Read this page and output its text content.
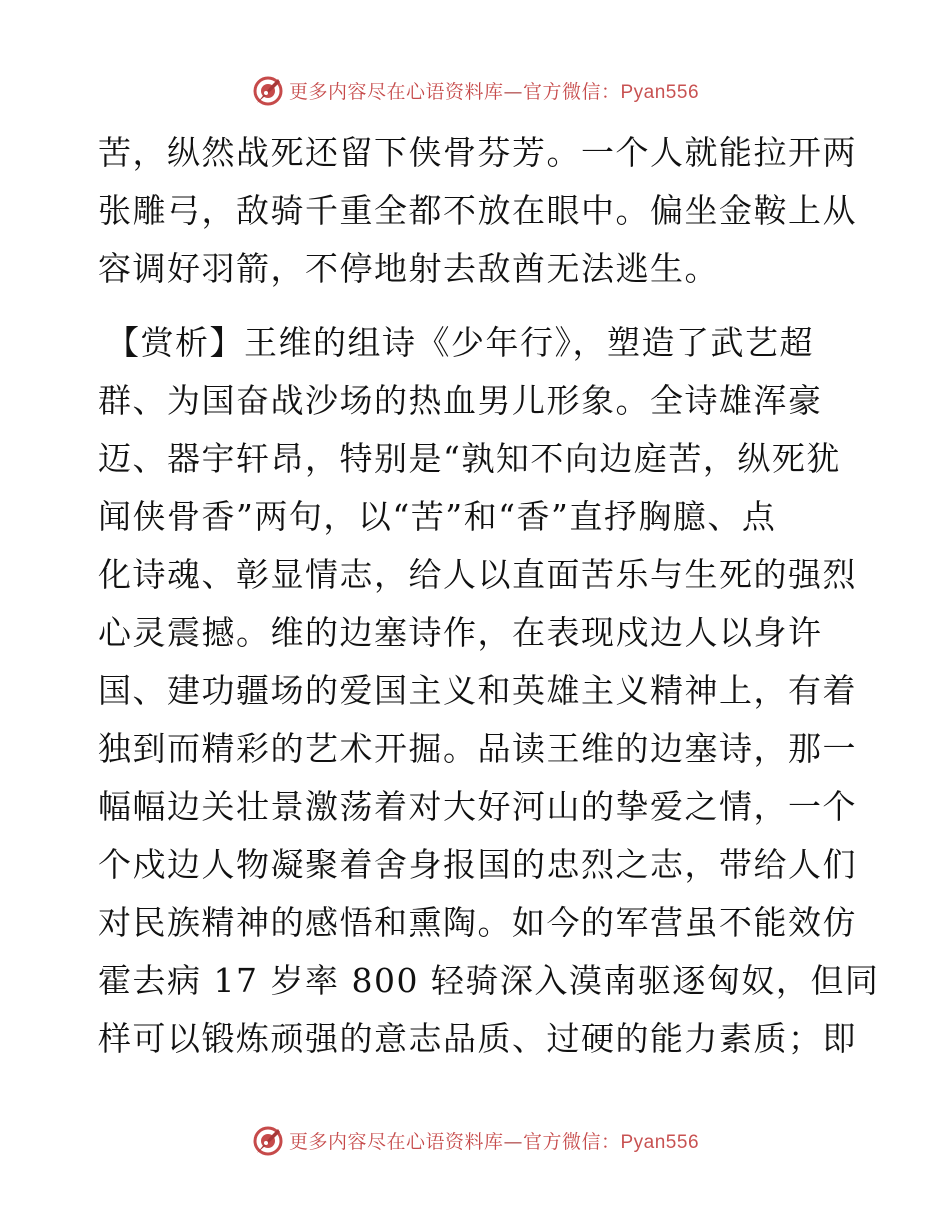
更多内容尽在心语资料库—官方微信：Pyan556
苦，纵然战死还留下侠骨芬芳。一个人就能拉开两
张雕弓，敌骑千重全都不放在眼中。偏坐金鞍上从
容调好羽箭，不停地射去敌酋无法逃生。
【赏析】王维的组诗《少年行》，塑造了武艺超
群、为国奋战沙场的热血男儿形象。全诗雄浑豪
迈、器宇轩昂，特别是“孰知不向边庭苦，纵死犹
闻侠骨香”两句，以“苦”和“香”直抒胸臆、点
化诗魂、彰显情志，给人以直面苦乐与生死的强烈
心灵震撼。维的边塞诗作，在表现戍边人以身许
国、建功疆场的爱国主义和英雄主义精神上，有着
独到而精彩的艺术开掘。品读王维的边塞诗，那一
幅幅边关壮景激荡着对大好河山的挚爱之情，一个
个戍边人物凝聚着舍身报国的忠烈之志，带给人们
对民族精神的感悟和熏陶。如今的军营虽不能效仿
霍去病 17 岁率 800 轻骑深入漠南驱逐匈奴，但同
样可以锻炼顽强的意志品质、过硬的能力素质；即
更多内容尽在心语资料库—官方微信：Pyan556
